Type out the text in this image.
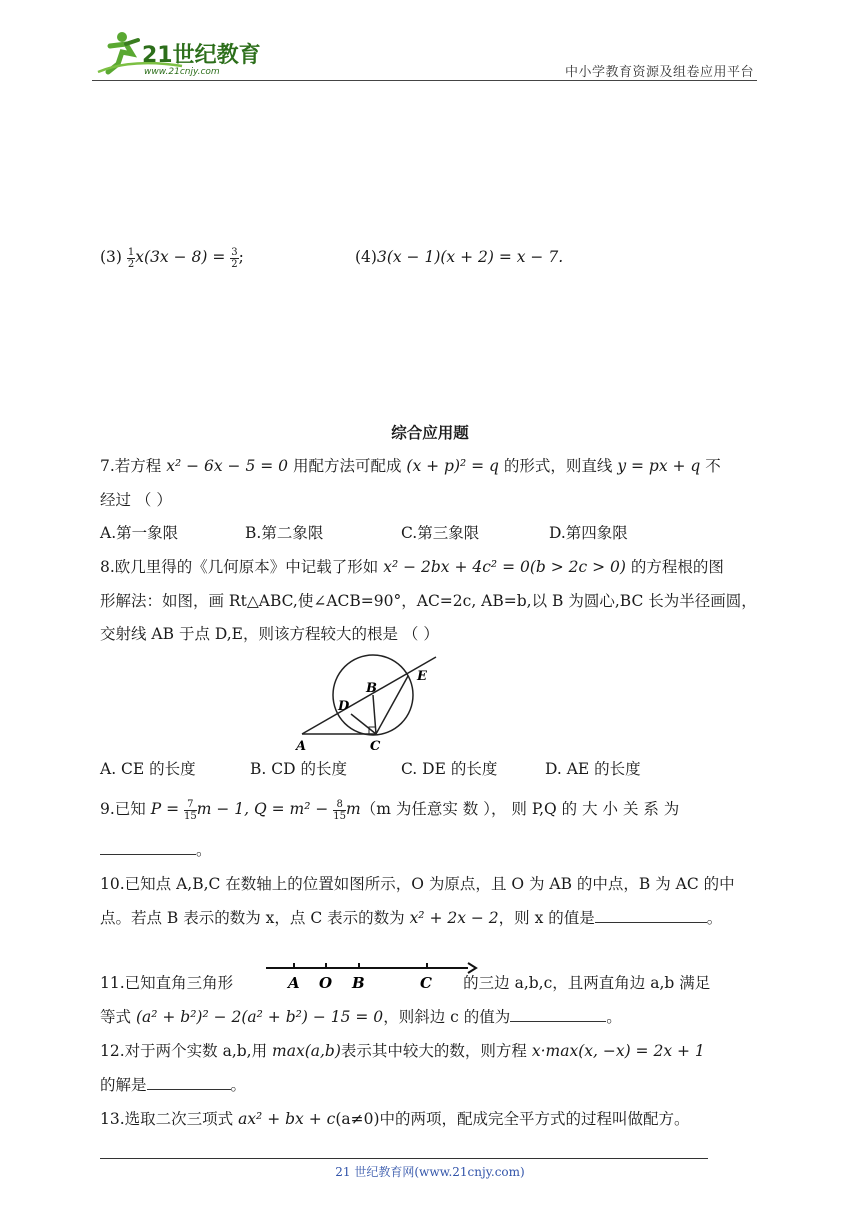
21世纪教育
www.21cnjy.com	中小学教育资源及组卷应用平台
$(3) \frac{1}{2} x(3x - 8) = \frac{3}{2}$ ;	(4)3(x − 1)(x + 2) = x − 7.
综合应用题
7.若方程 x² − 6x − 5 = 0 用配方法可配成 (x + p)² = q 的形式，则直线 y = px + q 不
经过 （ ）
A.第一象限	B.第二象限	C.第三象限	D.第四象限
8.欧几里得的《几何原本》中记载了形如 x² − 2bx + 4c² = 0(b > 2c > 0) 的方程根的图
形解法：如图，画 Rt△ABC,使∠ACB=90°，AC=2c, AB=b,以 B 为圆心,BC 长为半径画圆，
交射线 AB 于点 D,E，则该方程较大的根是 （ ）
A
B
C
D
E
A. CE 的长度	B. CD 的长度	C. DE 的长度	D. AE 的长度
9.已知 $P = \frac{7}{15}$ m − 1, $Q = m^2 - \frac{8}{15} m(m$ 为任意实 数 ）， 则 P,Q 的 大 小 关 系 为
。
10.已知点 A,B,C 在数轴上的位置如图所示，O 为原点，且 O 为 AB 的中点，B 为 AC 的中
点。若点 B 表示的数为 x，点 C 表示的数为 x² + 2x − 2，则 x 的值是	。
A O B	C
11.已知直角三角形	的三边 a,b,c，且两直角边 a,b 满足
等式 (a² + b²)² − 2(a² + b²) − 15 = 0，则斜边 c 的值为	。
12.对于两个实数 a,b,用 max(a,b)表示其中较大的数，则方程 x·max(x, −x) = 2x + 1
的解是	。
13.选取二次三项式 ax² + bx + c(a≠0)中的两项，配成完全平方式的过程叫做配方。
21 世纪教育网(www.21cnjy.com)
